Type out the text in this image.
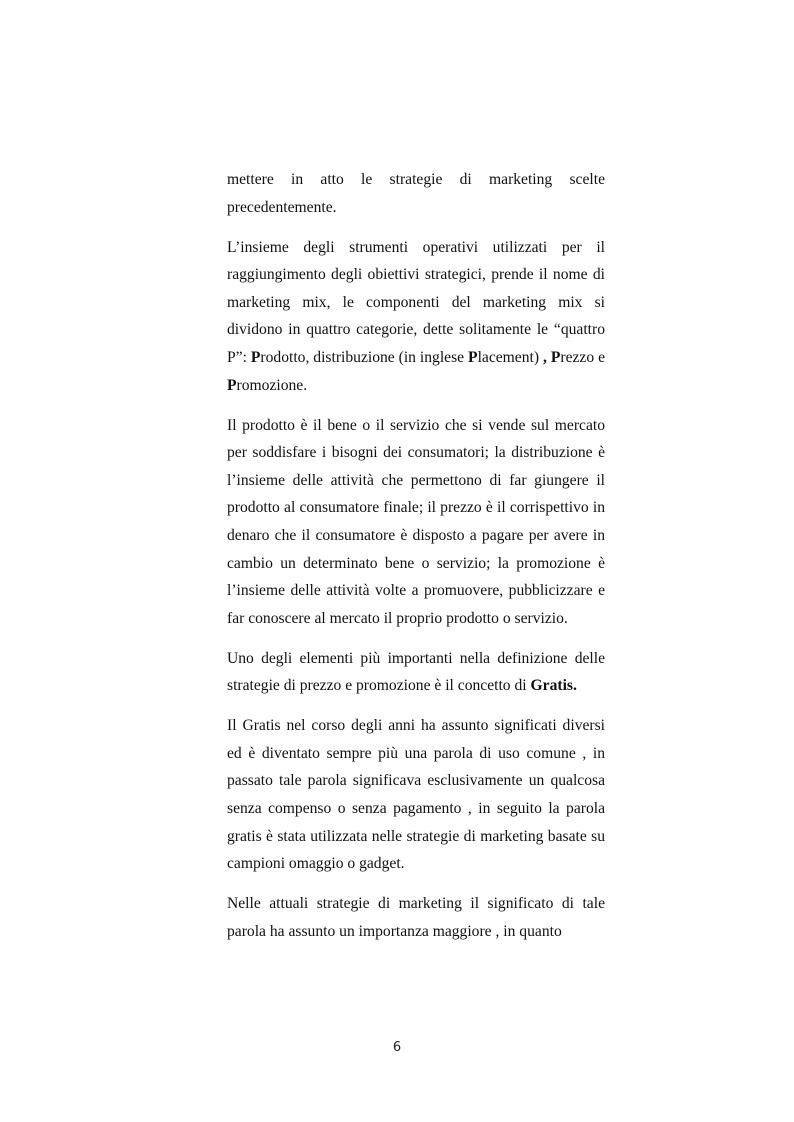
mettere in atto le strategie di marketing scelte precedentemente.

L’insieme degli strumenti operativi utilizzati per il raggiungimento degli obiettivi strategici, prende il nome di marketing mix, le componenti del marketing mix si dividono in quattro categorie, dette solitamente le “quattro P”: Prodotto, distribuzione (in inglese Placement) , Prezzo e Promozione.

Il prodotto è il bene o il servizio che si vende sul mercato per soddisfare i bisogni dei consumatori; la distribuzione è l’insieme delle attività che permettono di far giungere il prodotto al consumatore finale; il prezzo è il corrispettivo in denaro che il consumatore è disposto a pagare per avere in cambio un determinato bene o servizio; la promozione è l’insieme delle attività volte a promuovere, pubblicizzare e far conoscere al mercato il proprio prodotto o servizio.

Uno degli elementi più importanti nella definizione delle strategie di prezzo e promozione è il concetto di Gratis.

Il Gratis nel corso degli anni ha assunto significati diversi ed è diventato sempre più una parola di uso comune , in passato tale parola significava esclusivamente un qualcosa senza compenso o senza pagamento , in seguito la parola gratis è stata utilizzata nelle strategie di marketing basate su campioni omaggio o gadget.

Nelle attuali strategie di marketing il significato di tale parola ha assunto un importanza maggiore , in quanto

6
